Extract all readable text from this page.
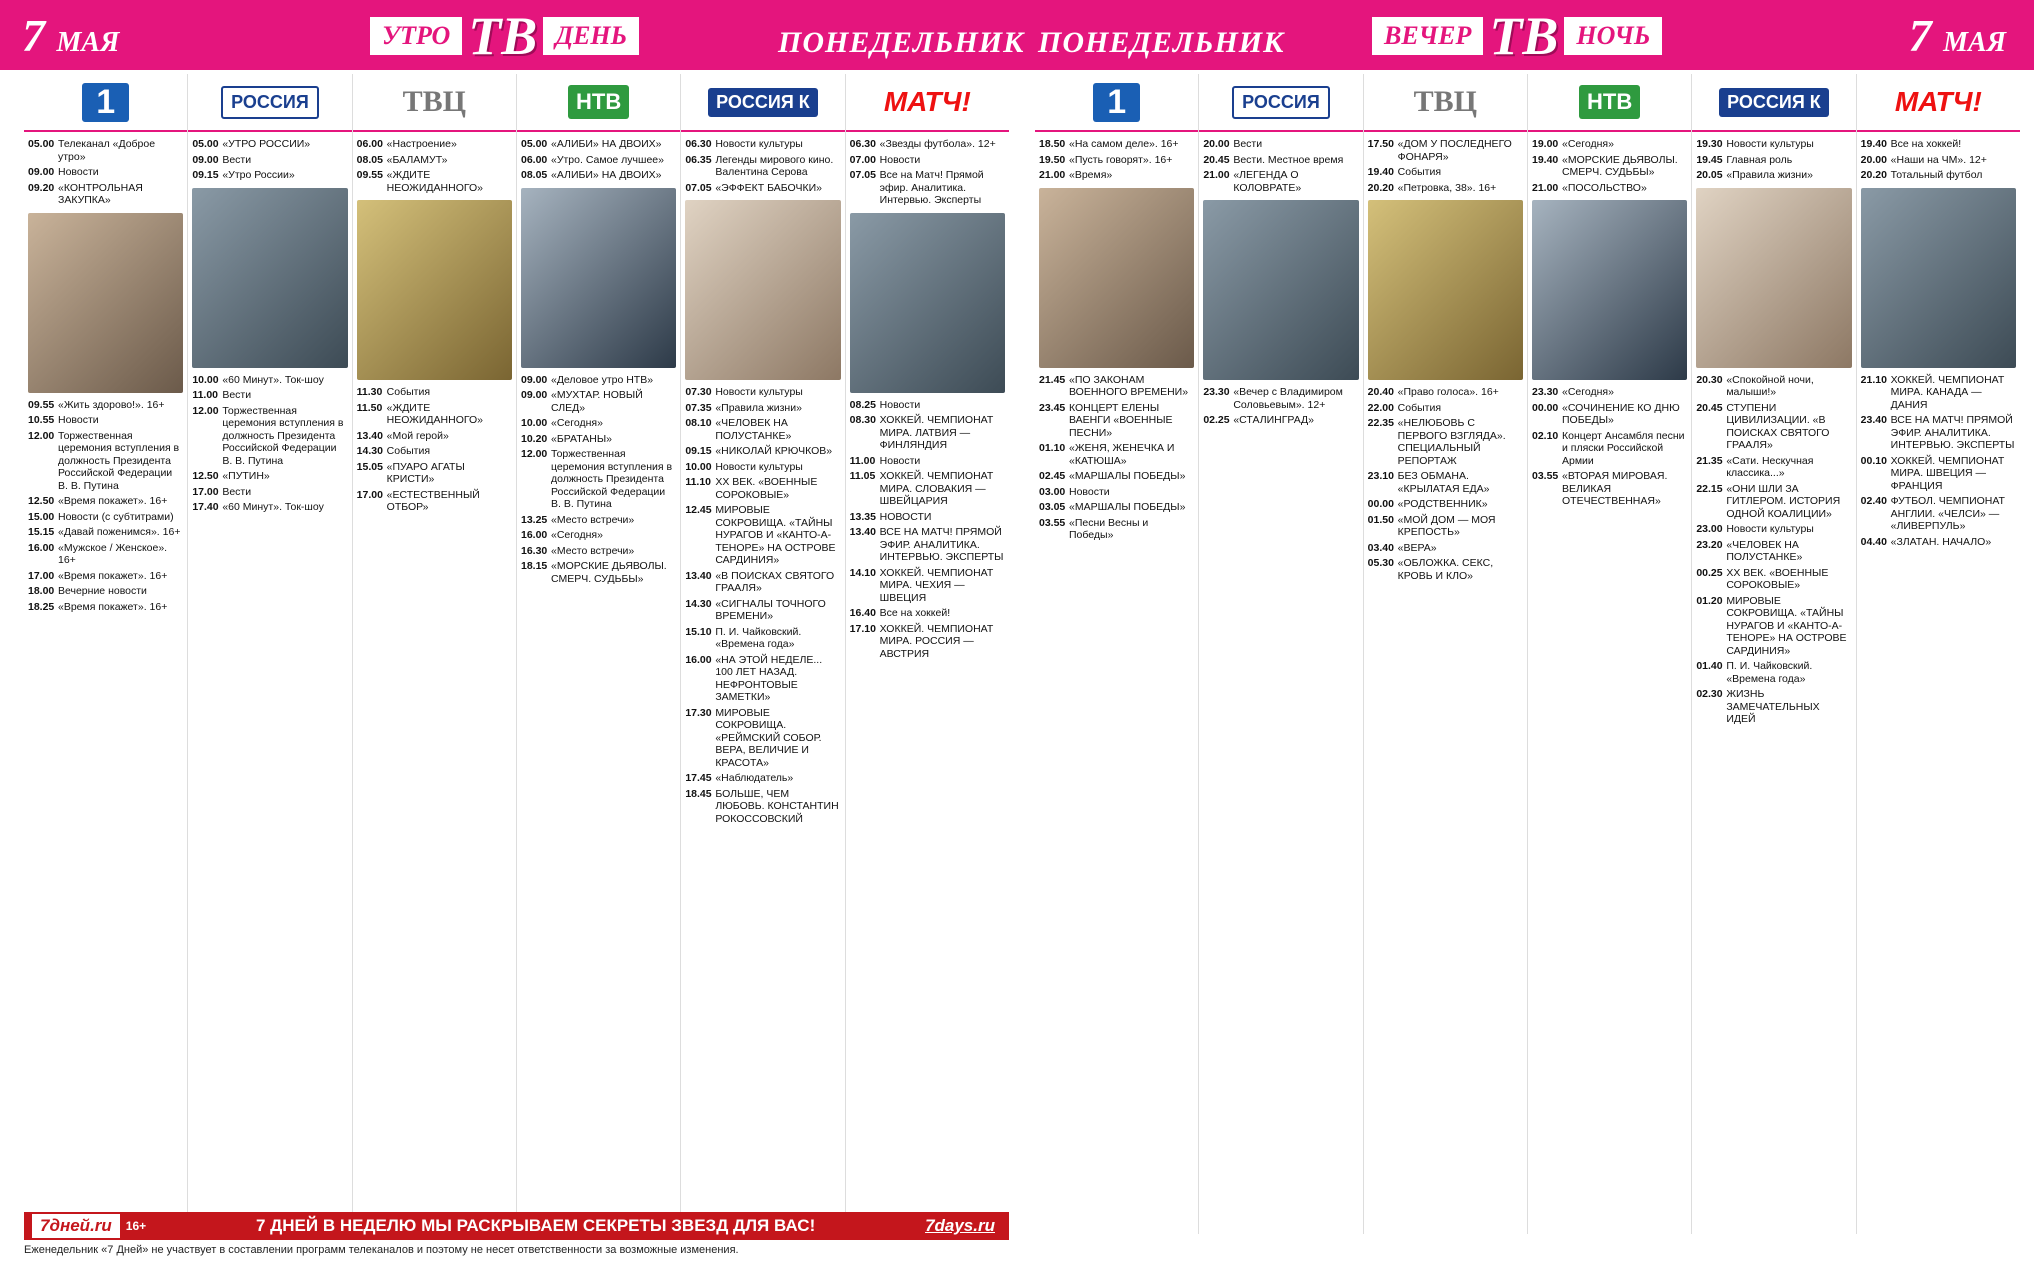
7 МАЯ	УТРО ТВ ДЕНЬ	ПОНЕДЕЛЬНИК ПОНЕДЕЛЬНИК	ВЕЧЕР ТВ НОЧЬ	7 МАЯ
1
05.00 Телеканал «Доброе утро»
09.00 Новости
09.20 «КОНТРОЛЬНАЯ ЗАКУПКА»
09.55 «Жить здорово!». 16+
10.55 Новости
12.00 Торжественная церемония вступления в должность Президента Российской Федерации В. В. Путина
12.50 «Время покажет». 16+
15.00 Новости (с субтитрами)
15.15 «Давай поженимся». 16+
16.00 «Мужское / Женское». 16+
17.00 «Время покажет». 16+
18.00 Вечерние новости
18.25 «Время покажет». 16+
РОССИЯ
05.00 «УТРО РОССИИ»
09.00 Вести
09.15 «Утро России»
10.00 «60 Минут». Ток-шоу
11.00 Вести
12.00 Торжественная церемония вступления в должность Президента Российской Федерации В. В. Путина
12.50 «ПУТИН»
17.00 Вести
17.40 «60 Минут». Ток-шоу
ТВЦ
06.00 «Настроение»
08.05 «БАЛАМУТ»
09.55 «ЖДИТЕ НЕОЖИДАННОГО»
11.30 События
11.50 «ЖДИТЕ НЕОЖИДАННОГО»
13.40 «Мой герой»
14.30 События
15.05 «ПУАРО АГАТЫ КРИСТИ»
17.00 «ЕСТЕСТВЕННЫЙ ОТБОР»
НТВ
05.00 «АЛИБИ» НА ДВОИХ»
06.00 «Утро. Самое лучшее»
08.05 «АЛИБИ» НА ДВОИХ»
09.00 «Деловое утро НТВ»
09.00 «МУХТАР. НОВЫЙ СЛЕД»
10.00 «Сегодня»
10.20 «БРАТАНЫ»
12.00 Торжественная церемония вступления в должность Президента Российской Федерации В. В. Путина
13.25 «Место встречи»
16.00 «Сегодня»
16.30 «Место встречи»
18.15 «МОРСКИЕ ДЬЯВОЛЫ. СМЕРЧ. СУДЬБЫ»
РОССИЯ К
06.30 Новости культуры
06.35 Легенды мирового кино. Валентина Серова
07.05 «ЭФФЕКТ БАБОЧКИ»
07.30 Новости культуры
07.35 «Правила жизни»
08.10 «ЧЕЛОВЕК НА ПОЛУСТАНКЕ»
09.15 «НИКОЛАЙ КРЮЧКОВ»
10.00 Новости культуры
11.10 XX ВЕК. «ВОЕННЫЕ СОРОКОВЫЕ»
12.45 МИРОВЫЕ СОКРОВИЩА. «ТАЙНЫ НУРАГОВ И «КАНТО-А-ТЕНОРЕ» НА ОСТРОВЕ САРДИНИЯ»
13.40 «В ПОИСКАХ СВЯТОГО ГРААЛЯ»
14.30 «СИГНАЛЫ ТОЧНОГО ВРЕМЕНИ»
15.10 П. И. Чайковский. «Времена года»
16.00 «НА ЭТОЙ НЕДЕЛЕ... 100 ЛЕТ НАЗАД. НЕФРОНТОВЫЕ ЗАМЕТКИ»
17.30 МИРОВЫЕ СОКРОВИЩА. «РЕЙМСКИЙ СОБОР. ВЕРА, ВЕЛИЧИЕ И КРАСОТА»
17.45 «Наблюдатель»
18.45 БОЛЬШЕ, ЧЕМ ЛЮБОВЬ. КОНСТАНТИН РОКОССОВСКИЙ
МАТЧ!
06.30 «Звезды футбола». 12+
07.00 Новости
07.05 Все на Матч! Прямой эфир. Аналитика. Интервью. Эксперты
08.25 Новости
08.30 ХОККЕЙ. ЧЕМПИОНАТ МИРА. ЛАТВИЯ — ФИНЛЯНДИЯ
11.00 Новости
11.05 ХОККЕЙ. ЧЕМПИОНАТ МИРА. СЛОВАКИЯ — ШВЕЙЦАРИЯ
13.35 НОВОСТИ
13.40 ВСЕ НА МАТЧ! ПРЯМОЙ ЭФИР. АНАЛИТИКА. ИНТЕРВЬЮ. ЭКСПЕРТЫ
14.10 ХОККЕЙ. ЧЕМПИОНАТ МИРА. ЧЕХИЯ — ШВЕЦИЯ
16.40 Все на хоккей!
17.10 ХОККЕЙ. ЧЕМПИОНАТ МИРА. РОССИЯ — АВСТРИЯ
1
18.50 «На самом деле». 16+
19.50 «Пусть говорят». 16+
21.00 «Время»
21.45 «ПО ЗАКОНАМ ВОЕННОГО ВРЕМЕНИ»
23.45 КОНЦЕРТ ЕЛЕНЫ ВАЕНГИ «ВОЕННЫЕ ПЕСНИ»
01.10 «ЖЕНЯ, ЖЕНЕЧКА И «КАТЮША»
02.45 «МАРШАЛЫ ПОБЕДЫ»
03.00 Новости
03.05 «МАРШАЛЫ ПОБЕДЫ»
03.55 «Песни Весны и Победы»
РОССИЯ
20.00 Вести
20.45 Вести. Местное время
21.00 «ЛЕГЕНДА О КОЛОВРАТЕ»
23.30 «Вечер с Владимиром Соловьевым». 12+
02.25 «СТАЛИНГРАД»
ТВЦ
17.50 «ДОМ У ПОСЛЕДНЕГО ФОНАРЯ»
19.40 События
20.20 «Петровка, 38». 16+
20.40 «Право голоса». 16+
22.00 События
22.35 «НЕЛЮБОВЬ С ПЕРВОГО ВЗГЛЯДА». СПЕЦИАЛЬНЫЙ РЕПОРТАЖ
23.10 БЕЗ ОБМАНА. «КРЫЛАТАЯ ЕДА»
00.00 «РОДСТВЕННИК»
01.50 «МОЙ ДОМ — МОЯ КРЕПОСТЬ»
03.40 «ВЕРА»
05.30 «ОБЛОЖКА. СЕКС, КРОВЬ И КЛО»
НТВ
19.00 «Сегодня»
19.40 «МОРСКИЕ ДЬЯВОЛЫ. СМЕРЧ. СУДЬБЫ»
21.00 «ПОСОЛЬСТВО»
23.30 «Сегодня»
00.00 «СОЧИНЕНИЕ КО ДНЮ ПОБЕДЫ»
02.10 Концерт Ансамбля песни и пляски Российской Армии
03.55 «ВТОРАЯ МИРОВАЯ. ВЕЛИКАЯ ОТЕЧЕСТВЕННАЯ»
РОССИЯ К
19.30 Новости культуры
19.45 Главная роль
20.05 «Правила жизни»
20.30 «Спокойной ночи, малыши!»
20.45 СТУПЕНИ ЦИВИЛИЗАЦИИ. «В ПОИСКАХ СВЯТОГО ГРААЛЯ»
21.35 «Сати. Нескучная классика...»
22.15 «ОНИ ШЛИ ЗА ГИТЛЕРОМ. ИСТОРИЯ ОДНОЙ КОАЛИЦИИ»
23.00 Новости культуры
23.20 «ЧЕЛОВЕК НА ПОЛУСТАНКЕ»
00.25 XX ВЕК. «ВОЕННЫЕ СОРОКОВЫЕ»
01.20 МИРОВЫЕ СОКРОВИЩА. «ТАЙНЫ НУРАГОВ И «КАНТО-А-ТЕНОРЕ» НА ОСТРОВЕ САРДИНИЯ»
01.40 П. И. Чайковский. «Времена года»
02.30 ЖИЗНЬ ЗАМЕЧАТЕЛЬНЫХ ИДЕЙ
МАТЧ!
19.40 Все на хоккей!
20.00 «Наши на ЧМ». 12+
20.20 Тотальный футбол
21.10 ХОККЕЙ. ЧЕМПИОНАТ МИРА. КАНАДА — ДАНИЯ
23.40 ВСЕ НА МАТЧ! ПРЯМОЙ ЭФИР. АНАЛИТИКА. ИНТЕРВЬЮ. ЭКСПЕРТЫ
00.10 ХОККЕЙ. ЧЕМПИОНАТ МИРА. ШВЕЦИЯ — ФРАНЦИЯ
02.40 ФУТБОЛ. ЧЕМПИОНАТ АНГЛИИ. «ЧЕЛСИ» — «ЛИВЕРПУЛЬ»
04.40 «ЗЛАТАН. НАЧАЛО»
7дней.ru	16+	7 ДНЕЙ В НЕДЕЛЮ МЫ РАСКРЫВАЕМ СЕКРЕТЫ ЗВЕЗД ДЛЯ ВАС!	7days.ru
Еженедельник «7 Дней» не участвует в составлении программ телеканалов и поэтому не несет ответственности за возможные изменения.
